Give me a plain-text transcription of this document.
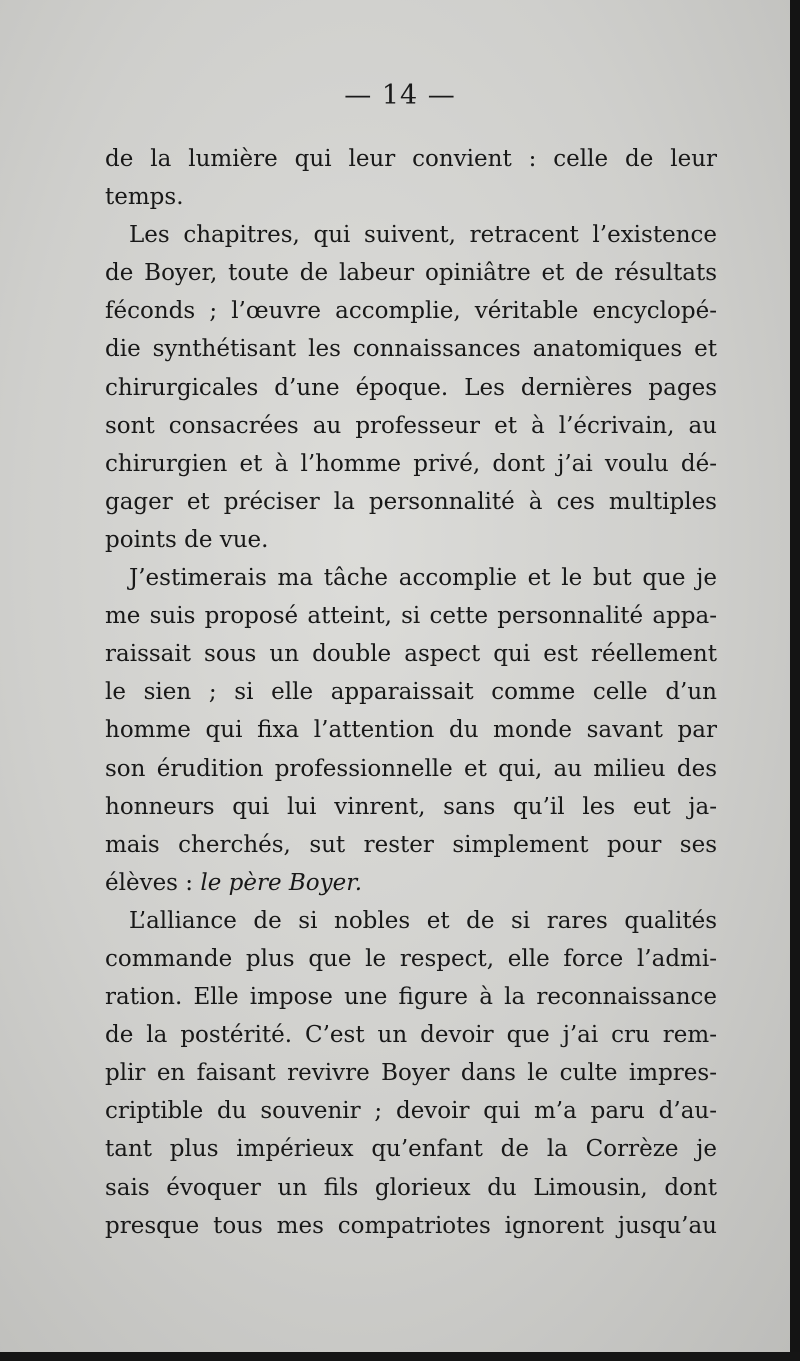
— 14 —
de la lumière qui leur convient : celle de leur
temps.
Les chapitres, qui suivent, retracent l’existence
de Boyer, toute de labeur opiniâtre et de résultats
féconds ; l’œuvre accomplie, véritable encyclopé-
die synthétisant les connaissances anatomiques et
chirurgicales d’une époque. Les dernières pages
sont consacrées au professeur et à l’écrivain, au
chirurgien et à l’homme privé, dont j’ai voulu dé-
gager et préciser la personnalité à ces multiples
points de vue.
J’estimerais ma tâche accomplie et le but que je
me suis proposé atteint, si cette personnalité appa-
raissait sous un double aspect qui est réellement
le sien ; si elle apparaissait comme celle d’un
homme qui fixa l’attention du monde savant par
son érudition professionnelle et qui, au milieu des
honneurs qui lui vinrent, sans qu’il les eut ja-
mais cherchés, sut rester simplement pour ses
élèves : le père Boyer.
L’alliance de si nobles et de si rares qualités
commande plus que le respect, elle force l’admi-
ration. Elle impose une figure à la reconnaissance
de la postérité. C’est un devoir que j’ai cru rem-
plir en faisant revivre Boyer dans le culte impres-
criptible du souvenir ; devoir qui m’a paru d’au-
tant plus impérieux qu’enfant de la Corrèze je
sais évoquer un fils glorieux du Limousin, dont
presque tous mes compatriotes ignorent jusqu’au
